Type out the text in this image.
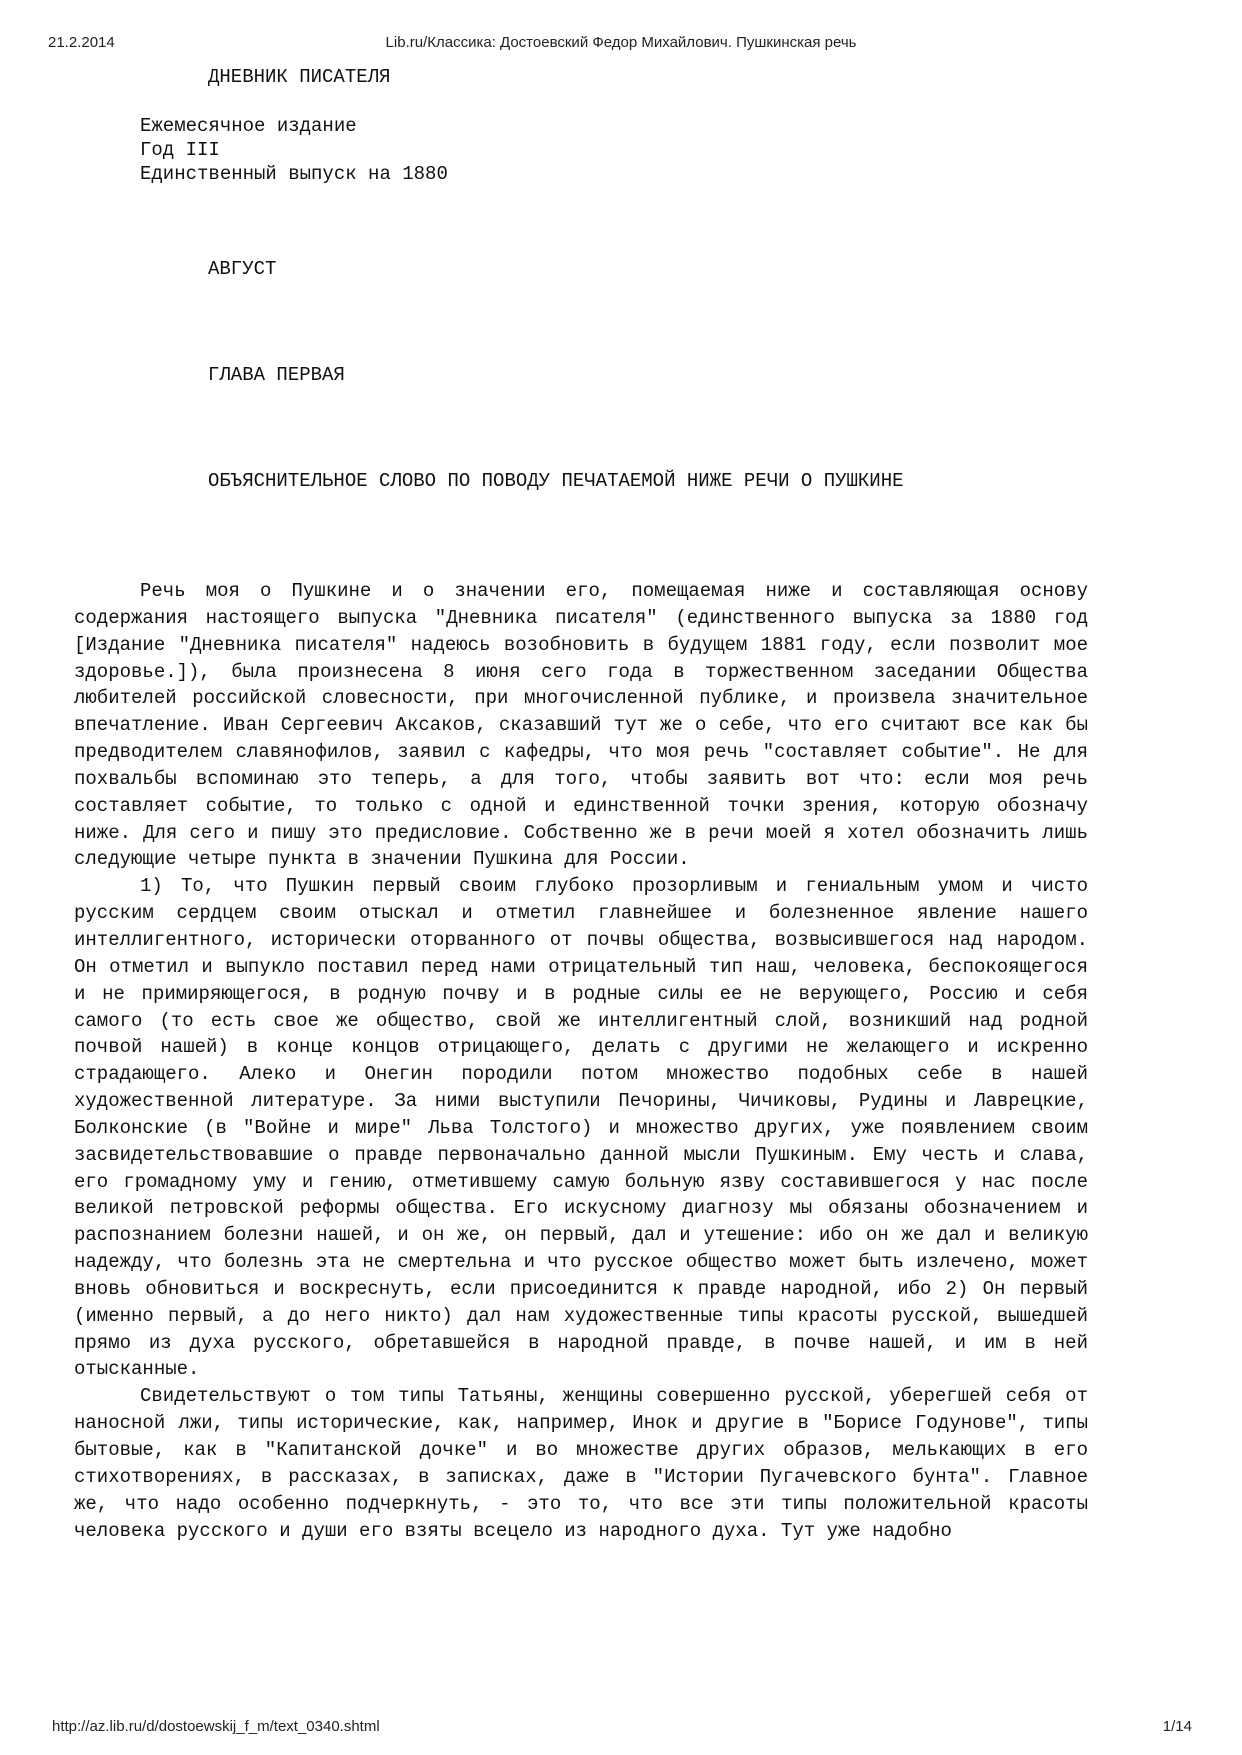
21.2.2014	Lib.ru/Классика: Достоевский Федор Михайлович. Пушкинская речь
ДНЕВНИК ПИСАТЕЛЯ
Ежемесячное издание
Год III
Единственный выпуск на 1880
АВГУСТ
ГЛАВА ПЕРВАЯ
ОБЪЯСНИТЕЛЬНОЕ СЛОВО ПО ПОВОДУ ПЕЧАТАЕМОЙ НИЖЕ РЕЧИ О ПУШКИНЕ

Речь моя о Пушкине и о значении его, помещаемая ниже и составляющая основу содержания настоящего выпуска "Дневника писателя" (единственного выпуска за 1880 год [Издание "Дневника писателя" надеюсь возобновить в будущем 1881 году, если позволит мое здоровье.]), была произнесена 8 июня сего года в торжественном заседании Общества любителей российской словесности, при многочисленной публике, и произвела значительное впечатление. Иван Сергеевич Аксаков, сказавший тут же о себе, что его считают все как бы предводителем славянофилов, заявил с кафедры, что моя речь "составляет событие". Не для похвальбы вспоминаю это теперь, а для того, чтобы заявить вот что: если моя речь составляет событие, то только с одной и единственной точки зрения, которую обозначу ниже. Для сего и пишу это предисловие. Собственно же в речи моей я хотел обозначить лишь следующие четыре пункта в значении Пушкина для России.

1) То, что Пушкин первый своим глубоко прозорливым и гениальным умом и чисто русским сердцем своим отыскал и отметил главнейшее и болезненное явление нашего интеллигентного, исторически оторванного от почвы общества, возвысившегося над народом. Он отметил и выпукло поставил перед нами отрицательный тип наш, человека, беспокоящегося и не примиряющегося, в родную почву и в родные силы ее не верующего, Россию и себя самого (то есть свое же общество, свой же интеллигентный слой, возникший над родной почвой нашей) в конце концов отрицающего, делать с другими не желающего и искренно страдающего. Алеко и Онегин породили потом множество подобных себе в нашей художественной литературе. За ними выступили Печорины, Чичиковы, Рудины и Лаврецкие, Болконские (в "Войне и мире" Льва Толстого) и множество других, уже появлением своим засвидетельствовавшие о правде первоначально данной мысли Пушкиным. Ему честь и слава, его громадному уму и гению, отметившему самую больную язву составившегося у нас после великой петровской реформы общества. Его искусному диагнозу мы обязаны обозначением и распознанием болезни нашей, и он же, он первый, дал и утешение: ибо он же дал и великую надежду, что болезнь эта не смертельна и что русское общество может быть излечено, может вновь обновиться и воскреснуть, если присоединится к правде народной, ибо 2) Он первый (именно первый, а до него никто) дал нам художественные типы красоты русской, вышедшей прямо из духа русского, обретавшейся в народной правде, в почве нашей, и им в ней отысканные.

Свидетельствуют о том типы Татьяны, женщины совершенно русской, уберегшей себя от наносной лжи, типы исторические, как, например, Инок и другие в "Борисе Годунове", типы бытовые, как в "Капитанской дочке" и во множестве других образов, мелькающих в его стихотворениях, в рассказах, в записках, даже в "Истории Пугачевского бунта". Главное же, что надо особенно подчеркнуть, - это то, что все эти типы положительной красоты человека русского и души его взяты всецело из народного духа. Тут уже надобно

http://az.lib.ru/d/dostoewskij_f_m/text_0340.shtml	1/14
